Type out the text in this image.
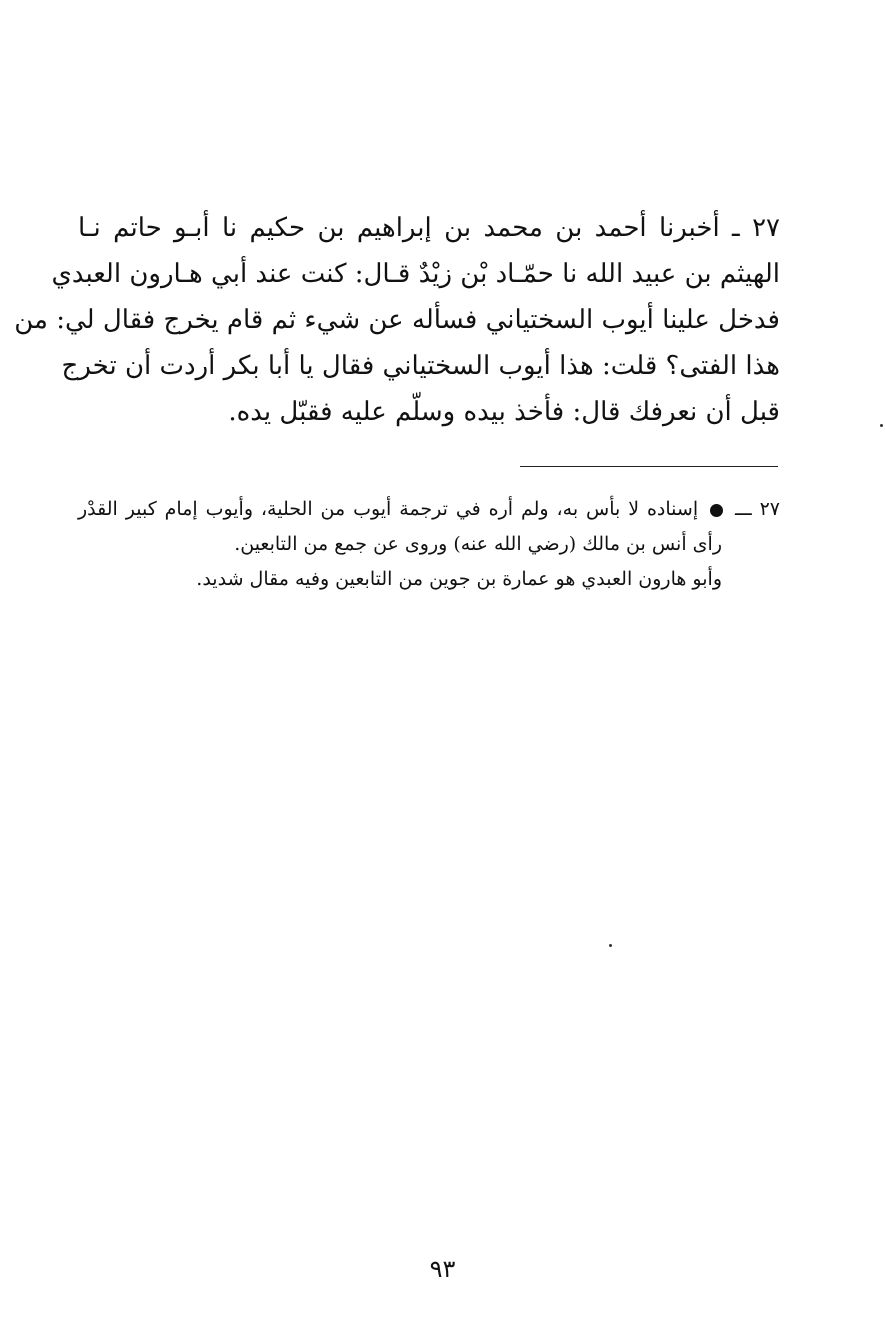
٢٧ ـ أخبرنا أحمد بن محمد بن إبراهيم بن حكيم نا أبـو حاتم نـا
الهيثم بن عبيد الله نا حمّـاد بْن زيْدٌ قـال: كنت عند أبي هـارون العبدي
فدخل علينا أيوب السختياني فسأله عن شيء ثم قام يخرج فقال لي: من
هذا الفتى؟ قلت: هذا أيوب السختياني فقال يا أبا بكر أردت أن تخرج
قبل أن نعرفك قال: فأخذ بيده وسلّم عليه فقبّل يده.
٢٧ ـــ  إسناده لا بأس به، ولم أره في ترجمة أيوب من الحلية، وأيوب إمام كبير القدْر
رأى أنس بن مالك (رضي الله عنه) وروى عن جمع من التابعين.
وأبو هارون العبدي هو عمارة بن جوين من التابعين وفيه مقال شديد.
٩٣
